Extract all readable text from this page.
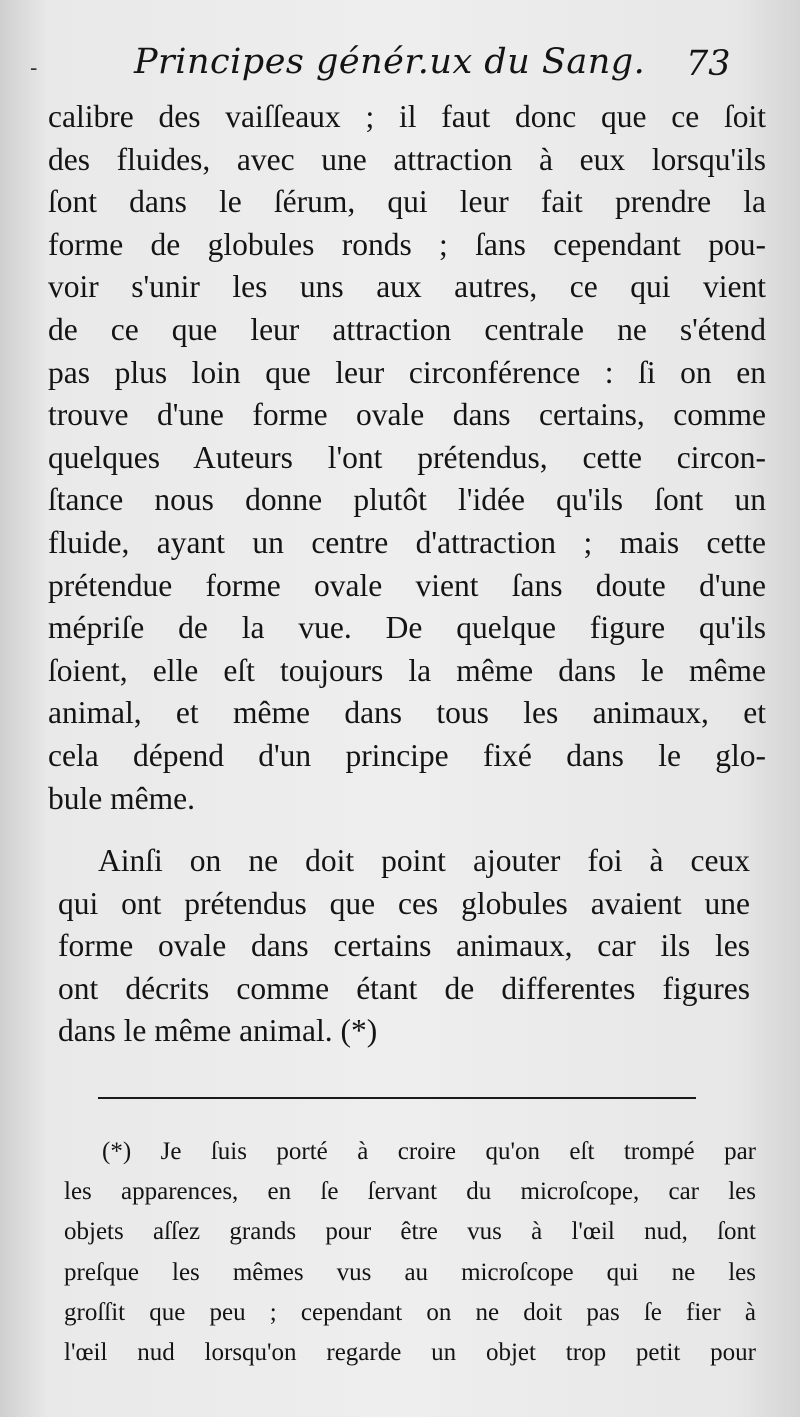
-	Principes génér.ux du Sang. 73
calibre des vaiſſeaux ; il faut donc que ce ſoit
des fluides, avec une attraction à eux lorsqu'ils
ſont dans le ſérum, qui leur fait prendre la
forme de globules ronds ; ſans cependant pou-
voir s'unir les uns aux autres, ce qui vient
de ce que leur attraction centrale ne s'étend
pas plus loin que leur circonférence : ſi on en
trouve d'une forme ovale dans certains, comme
quelques Auteurs l'ont prétendus, cette circon-
ſtance nous donne plutôt l'idée qu'ils ſont un
fluide, ayant un centre d'attraction ; mais cette
prétendue forme ovale vient ſans doute d'une
mépriſe de la vue. De quelque figure qu'ils
ſoient, elle eſt toujours la même dans le même
animal, et même dans tous les animaux, et
cela dépend d'un principe fixé dans le glo-
bule même.
Ainſi on ne doit point ajouter foi à ceux
qui ont prétendus que ces globules avaient une
forme ovale dans certains animaux, car ils les
ont décrits comme étant de differentes figures
dans le même animal. (*)
(*) Je ſuis porté à croire qu'on eſt trompé par
les apparences, en ſe ſervant du microſcope, car les
objets aſſez grands pour être vus à l'œil nud, ſont
preſque les mêmes vus au microſcope qui ne les
groſſit que peu ; cependant on ne doit pas ſe fier à
l'œil nud lorsqu'on regarde un objet trop petit pour
